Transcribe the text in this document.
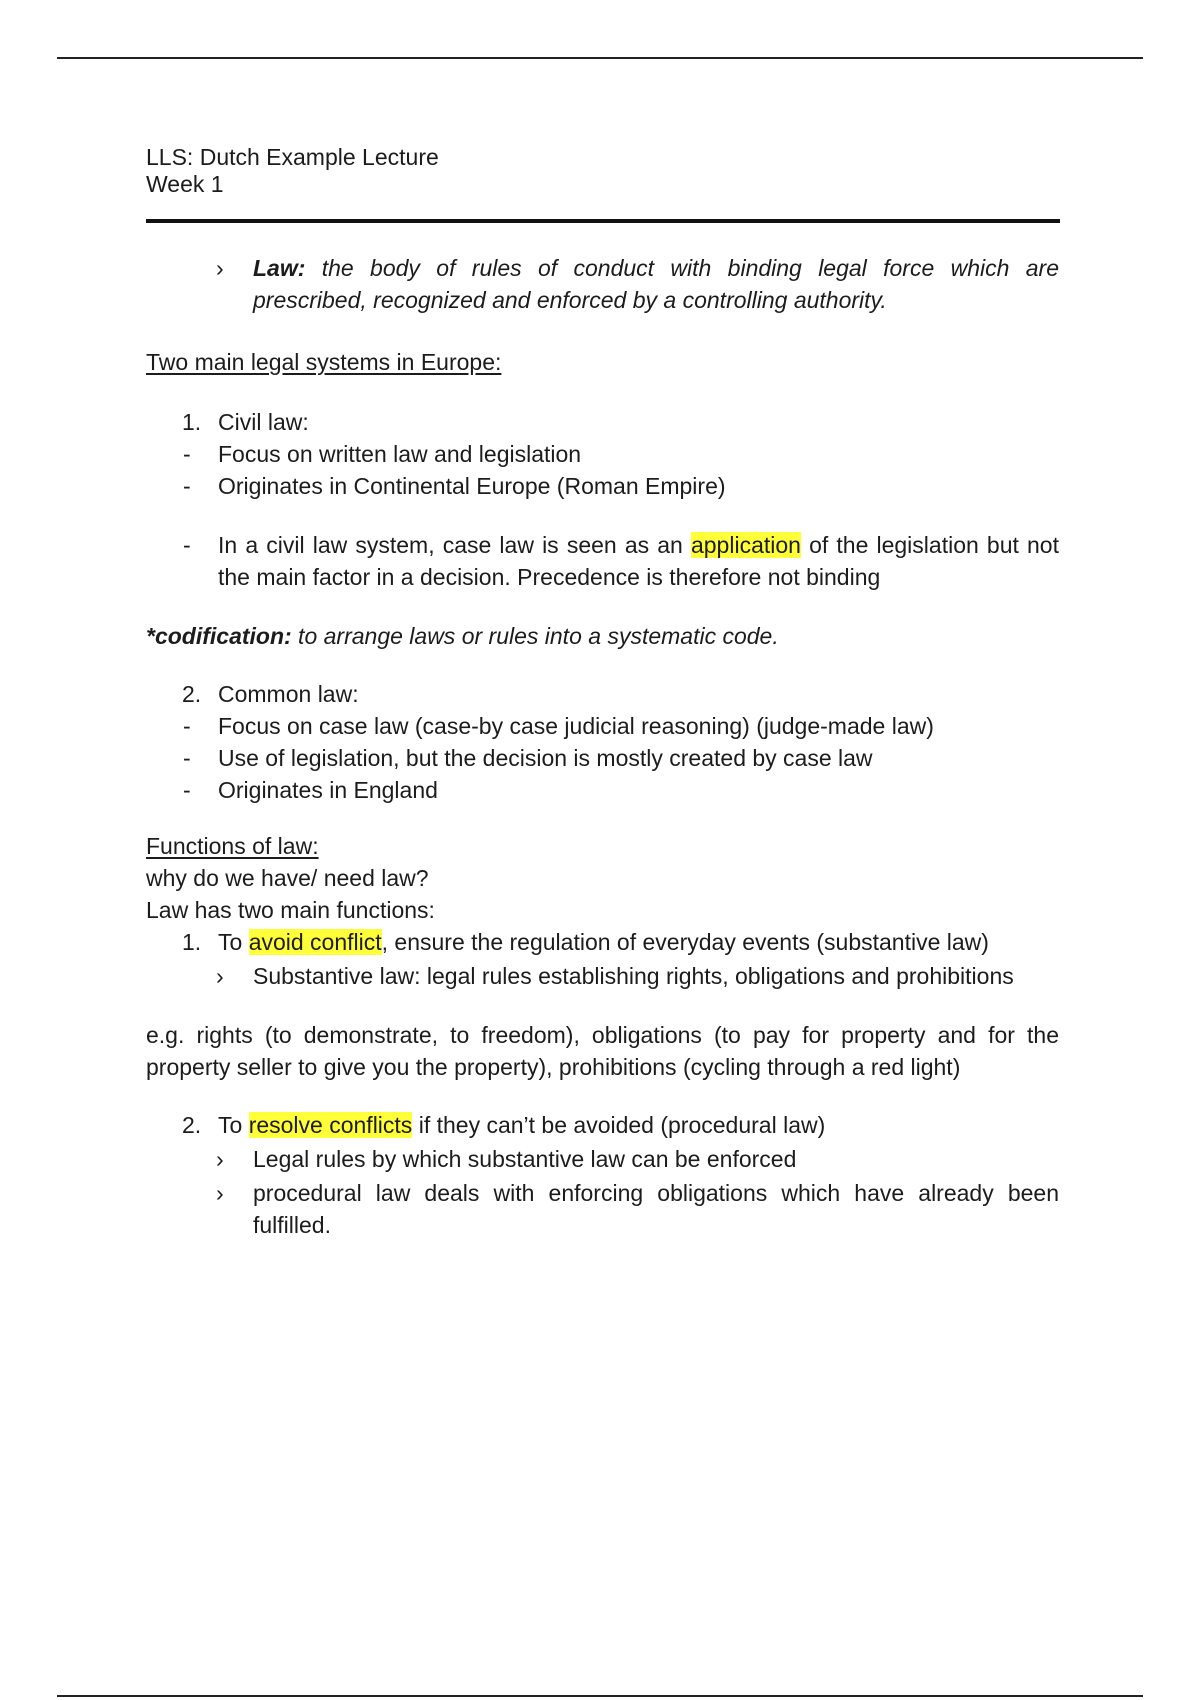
LLS: Dutch Example Lecture
Week 1
› Law: the body of rules of conduct with binding legal force which are prescribed, recognized and enforced by a controlling authority.
Two main legal systems in Europe:
1. Civil law:
- Focus on written law and legislation
- Originates in Continental Europe (Roman Empire)
- In a civil law system, case law is seen as an application of the legislation but not the main factor in a decision. Precedence is therefore not binding
*codification: to arrange laws or rules into a systematic code.
2. Common law:
- Focus on case law (case-by case judicial reasoning) (judge-made law)
- Use of legislation, but the decision is mostly created by case law
- Originates in England
Functions of law:
why do we have/ need law?
Law has two main functions:
1. To avoid conflict, ensure the regulation of everyday events (substantive law)
› Substantive law: legal rules establishing rights, obligations and prohibitions
e.g. rights (to demonstrate, to freedom), obligations (to pay for property and for the property seller to give you the property), prohibitions (cycling through a red light)
2. To resolve conflicts if they can’t be avoided (procedural law)
› Legal rules by which substantive law can be enforced
› procedural law deals with enforcing obligations which have already been fulfilled.
